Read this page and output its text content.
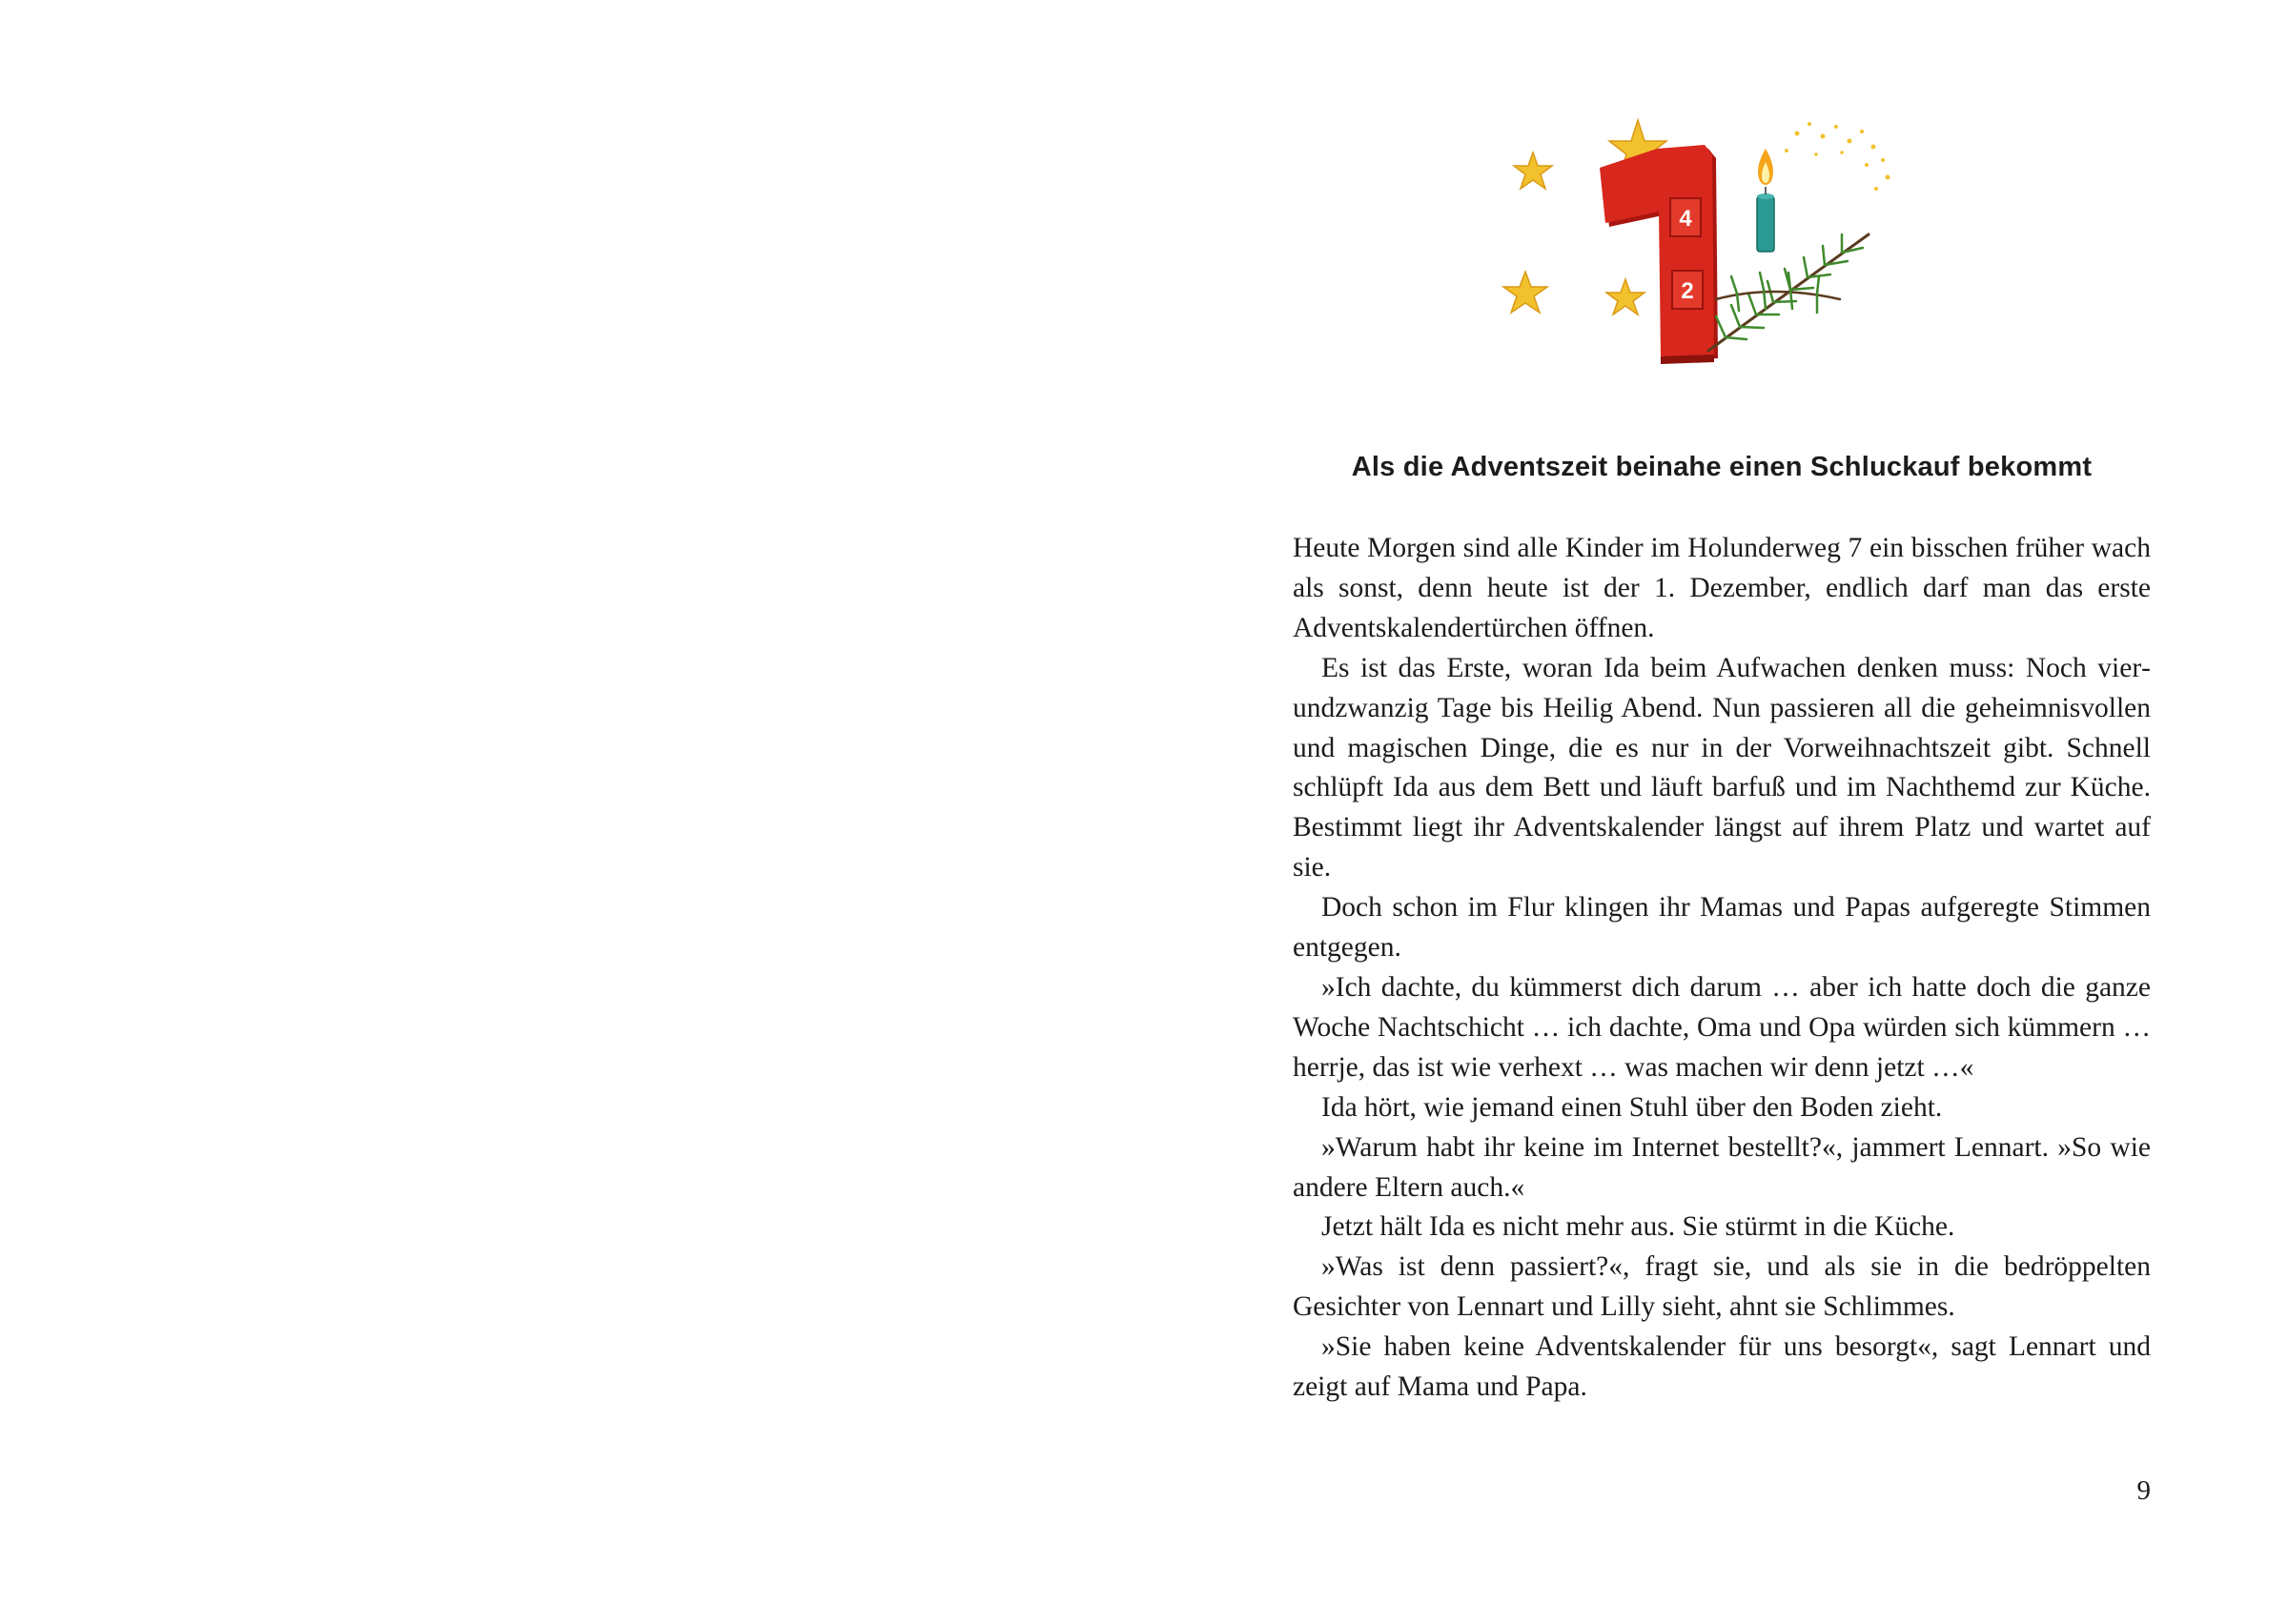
4
2
Als die Adventszeit beinahe einen Schluckauf bekommt

Heute Morgen sind alle Kinder im Holunderweg 7 ein bisschen früher wach als sonst, denn heute ist der 1. Dezember, endlich darf man das erste Adventskalendertürchen öffnen.

Es ist das Erste, woran Ida beim Aufwachen denken muss: Noch vierundzwanzig Tage bis Heilig Abend. Nun passieren all die geheimnisvollen und magischen Dinge, die es nur in der Vorweihnachtszeit gibt. Schnell schlüpft Ida aus dem Bett und läuft barfuß und im Nachthemd zur Küche. Bestimmt liegt ihr Adventskalender längst auf ihrem Platz und wartet auf sie.

Doch schon im Flur klingen ihr Mamas und Papas aufgeregte Stimmen entgegen.

»Ich dachte, du kümmerst dich darum … aber ich hatte doch die ganze Woche Nachtschicht … ich dachte, Oma und Opa würden sich kümmern … herrje, das ist wie verhext … was machen wir denn jetzt …«

Ida hört, wie jemand einen Stuhl über den Boden zieht.

»Warum habt ihr keine im Internet bestellt?«, jammert Lennart. »So wie andere Eltern auch.«

Jetzt hält Ida es nicht mehr aus. Sie stürmt in die Küche.

»Was ist denn passiert?«, fragt sie, und als sie in die bedröppelten Gesichter von Lennart und Lilly sieht, ahnt sie Schlimmes.

»Sie haben keine Adventskalender für uns besorgt«, sagt Lennart und zeigt auf Mama und Papa.

9
